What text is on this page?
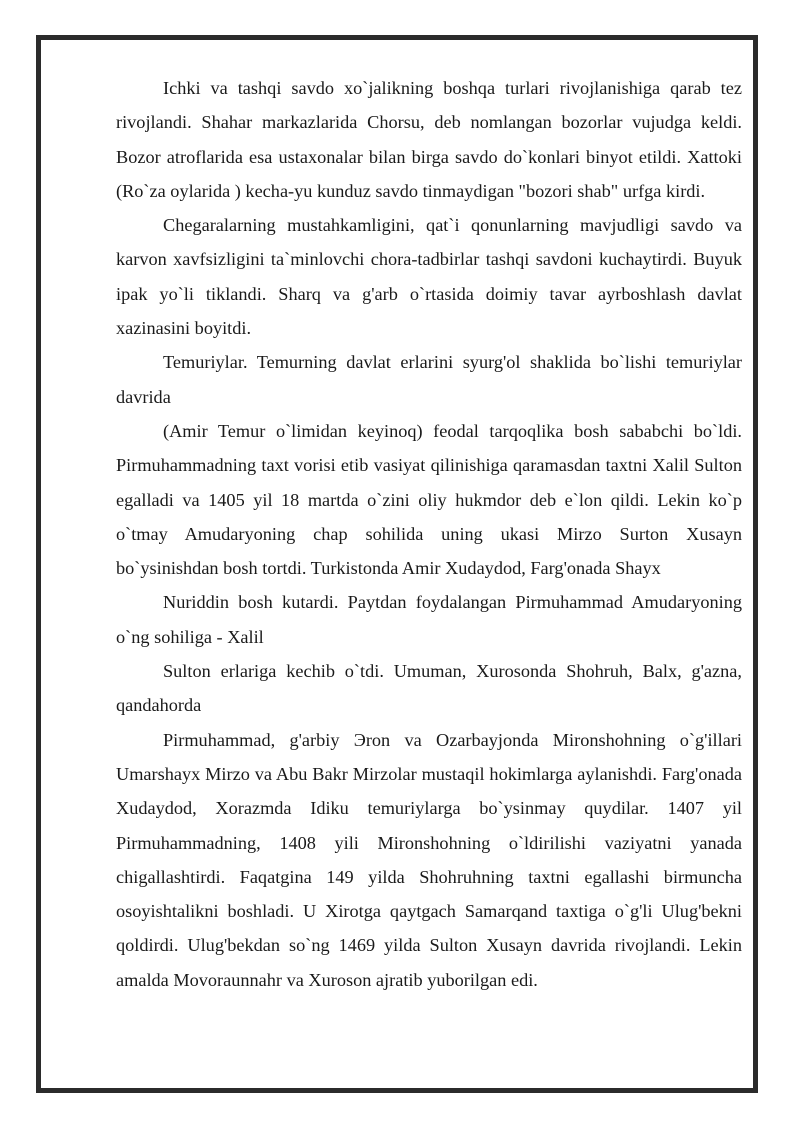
Ichki va tashqi savdo xo`jalikning boshqa turlari rivojlanishiga qarab tez rivojlandi. Shahar markazlarida Chorsu, deb nomlangan bozorlar vujudga keldi. Bozor atroflarida esa ustaxonalar bilan birga savdo do`konlari binyot etildi. Xattoki (Ro`za oylarida ) kecha-yu kunduz savdo tinmaydigan "bozori shab" urfga kirdi.

Chegaralarning mustahkamligini, qat`i qonunlarning mavjudligi savdo va karvon xavfsizligini ta`minlovchi chora-tadbirlar tashqi savdoni kuchaytirdi. Buyuk ipak yo`li tiklandi. Sharq va g'arb o`rtasida doimiy tavar ayrboshlash davlat xazinasini boyitdi.

Temuriylar. Temurning davlat erlarini syurg'ol shaklida bo`lishi temuriylar davrida

(Amir Temur o`limidan keyinoq) feodal tarqoqlika bosh sababchi bo`ldi. Pirmuhammadning taxt vorisi etib vasiyat qilinishiga qaramasdan taxtni Xalil Sulton egalladi va 1405 yil 18 martda o`zini oliy hukmdor deb e`lon qildi. Lekin ko`p o`tmay Amudaryoning chap sohilida uning ukasi Mirzo Surton Xusayn bo`ysinishdan bosh tortdi. Turkistonda Amir Xudaydod, Farg'onada Shayx

Nuriddin bosh kutardi. Paytdan foydalangan Pirmuhammad Amudaryoning o`ng sohiliga - Xalil

Sulton erlariga kechib o`tdi. Umuman, Xurosonda Shohruh, Balx, g'azna, qandahorda

Pirmuhammad, g'arbiy Эron va Ozarbayjonda Mironshohning o`g'illari Umarshayx Mirzo va Abu Bakr Mirzolar mustaqil hokimlarga aylanishdi. Farg'onada Xudaydod, Xorazmda Idiku temuriylarga bo`ysinmay quydilar. 1407 yil Pirmuhammadning, 1408 yili Mironshohning o`ldirilishi vaziyatni yanada chigallashtirdi. Faqatgina 149 yilda Shohruhning taxtni egallashi birmuncha osoyishtalikni boshladi. U Xirotga qaytgach Samarqand taxtiga o`g'li Ulug'bekni qoldirdi. Ulug'bekdan so`ng 1469 yilda Sulton Xusayn davrida rivojlandi. Lekin amalda Movoraunnahr va Xuroson ajratib yuborilgan edi.
